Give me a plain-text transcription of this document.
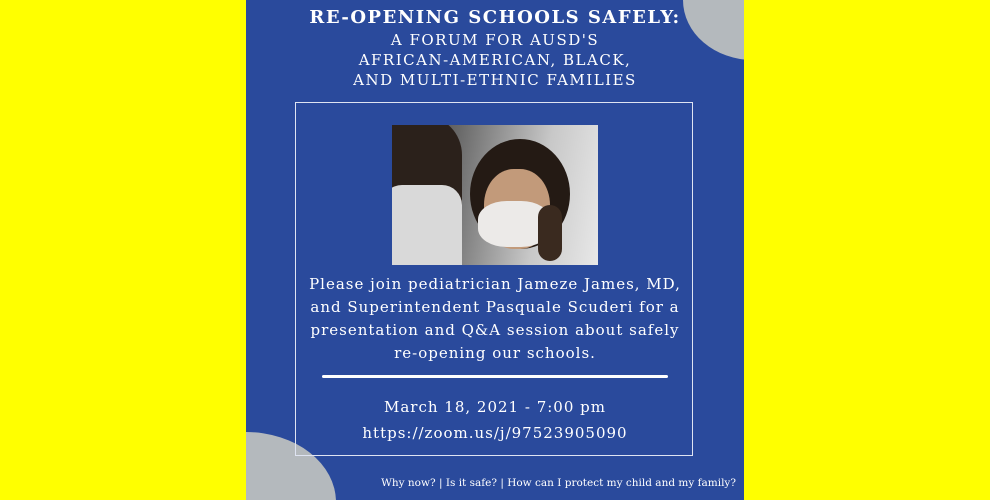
RE-OPENING SCHOOLS SAFELY:
A FORUM FOR AUSD'S
AFRICAN-AMERICAN, BLACK,
AND MULTI-ETHNIC FAMILIES
Please join pediatrician Jameze James, MD,
and Superintendent Pasquale Scuderi for a
presentation and Q&A session about safely
re-opening our schools.
March 18, 2021 - 7:00 pm
https://zoom.us/j/97523905090
Why now? | Is it safe? | How can I protect my child and my family?
